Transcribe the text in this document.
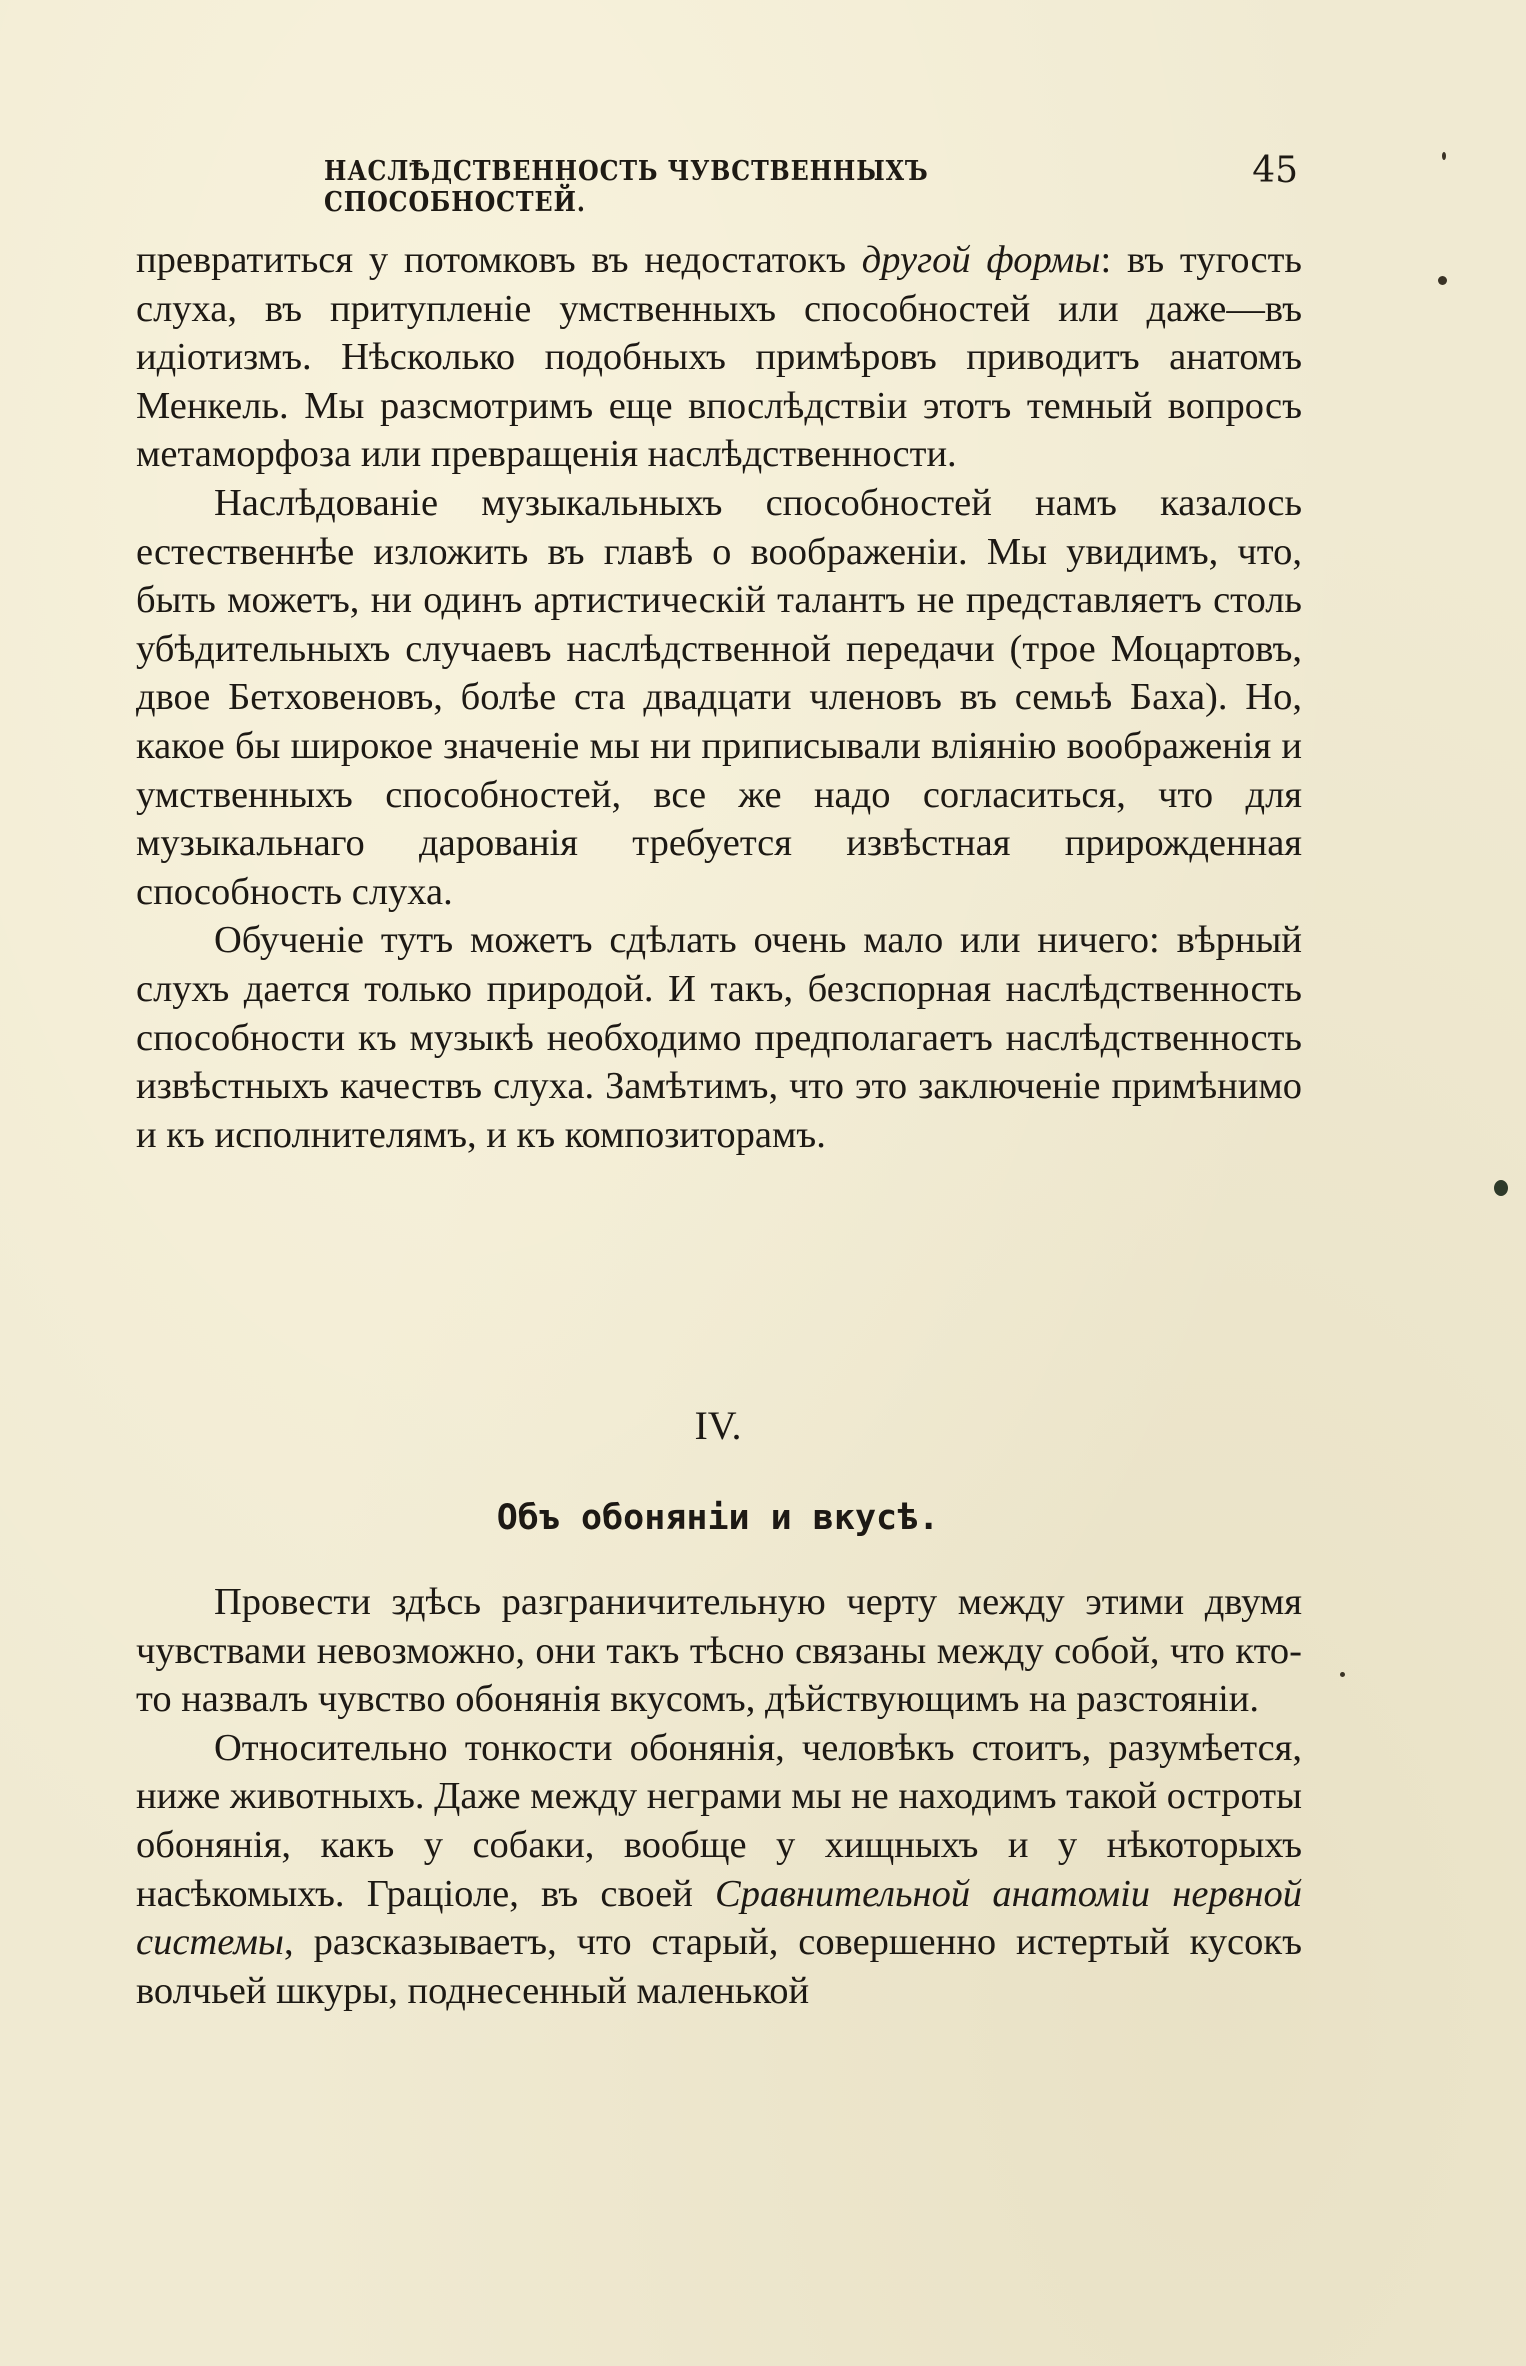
НАСЛѢДСТВЕННОСТЬ ЧУВСТВЕННЫХЪ СПОСОБНОСТЕЙ.
45

превратиться у потомковъ въ недостатокъ другой формы: въ тугость слуха, въ притупленіе умственныхъ способностей или даже—въ идіотизмъ. Нѣсколько подобныхъ примѣровъ приводитъ анатомъ Менкель. Мы разсмотримъ еще впослѣдствіи этотъ темный вопросъ метаморфоза или превращенія наслѣдственности.

Наслѣдованіе музыкальныхъ способностей намъ казалось естественнѣе изложить въ главѣ о воображеніи. Мы увидимъ, что, быть можетъ, ни одинъ артистическій талантъ не представляетъ столь убѣдительныхъ случаевъ наслѣдственной передачи (трое Моцартовъ, двое Бетховеновъ, болѣе ста двадцати членовъ въ семьѣ Баха). Но, какое бы широкое значеніе мы ни приписывали вліянію воображенія и умственныхъ способностей, все же надо согласиться, что для музыкальнаго дарованія требуется извѣстная прирожденная способность слуха.

Обученіе тутъ можетъ сдѣлать очень мало или ничего: вѣрный слухъ дается только природой. И такъ, безспорная наслѣдственность способности къ музыкѣ необходимо предполагаетъ наслѣдственность извѣстныхъ качествъ слуха. Замѣтимъ, что это заключеніе примѣнимо и къ исполнителямъ, и къ композиторамъ.

IV.
Объ обоняніи и вкусѣ.

Провести здѣсь разграничительную черту между этими двумя чувствами невозможно, они такъ тѣсно связаны между собой, что кто-то назвалъ чувство обонянія вкусомъ, дѣйствующимъ на разстояніи.

Относительно тонкости обонянія, человѣкъ стоитъ, разумѣется, ниже животныхъ. Даже между неграми мы не находимъ такой остроты обонянія, какъ у собаки, вообще у хищныхъ и у нѣкоторыхъ насѣкомыхъ. Граціоле, въ своей Сравнительной анатоміи нервной системы, разсказываетъ, что старый, совершенно истертый кусокъ волчьей шкуры, поднесенный маленькой
